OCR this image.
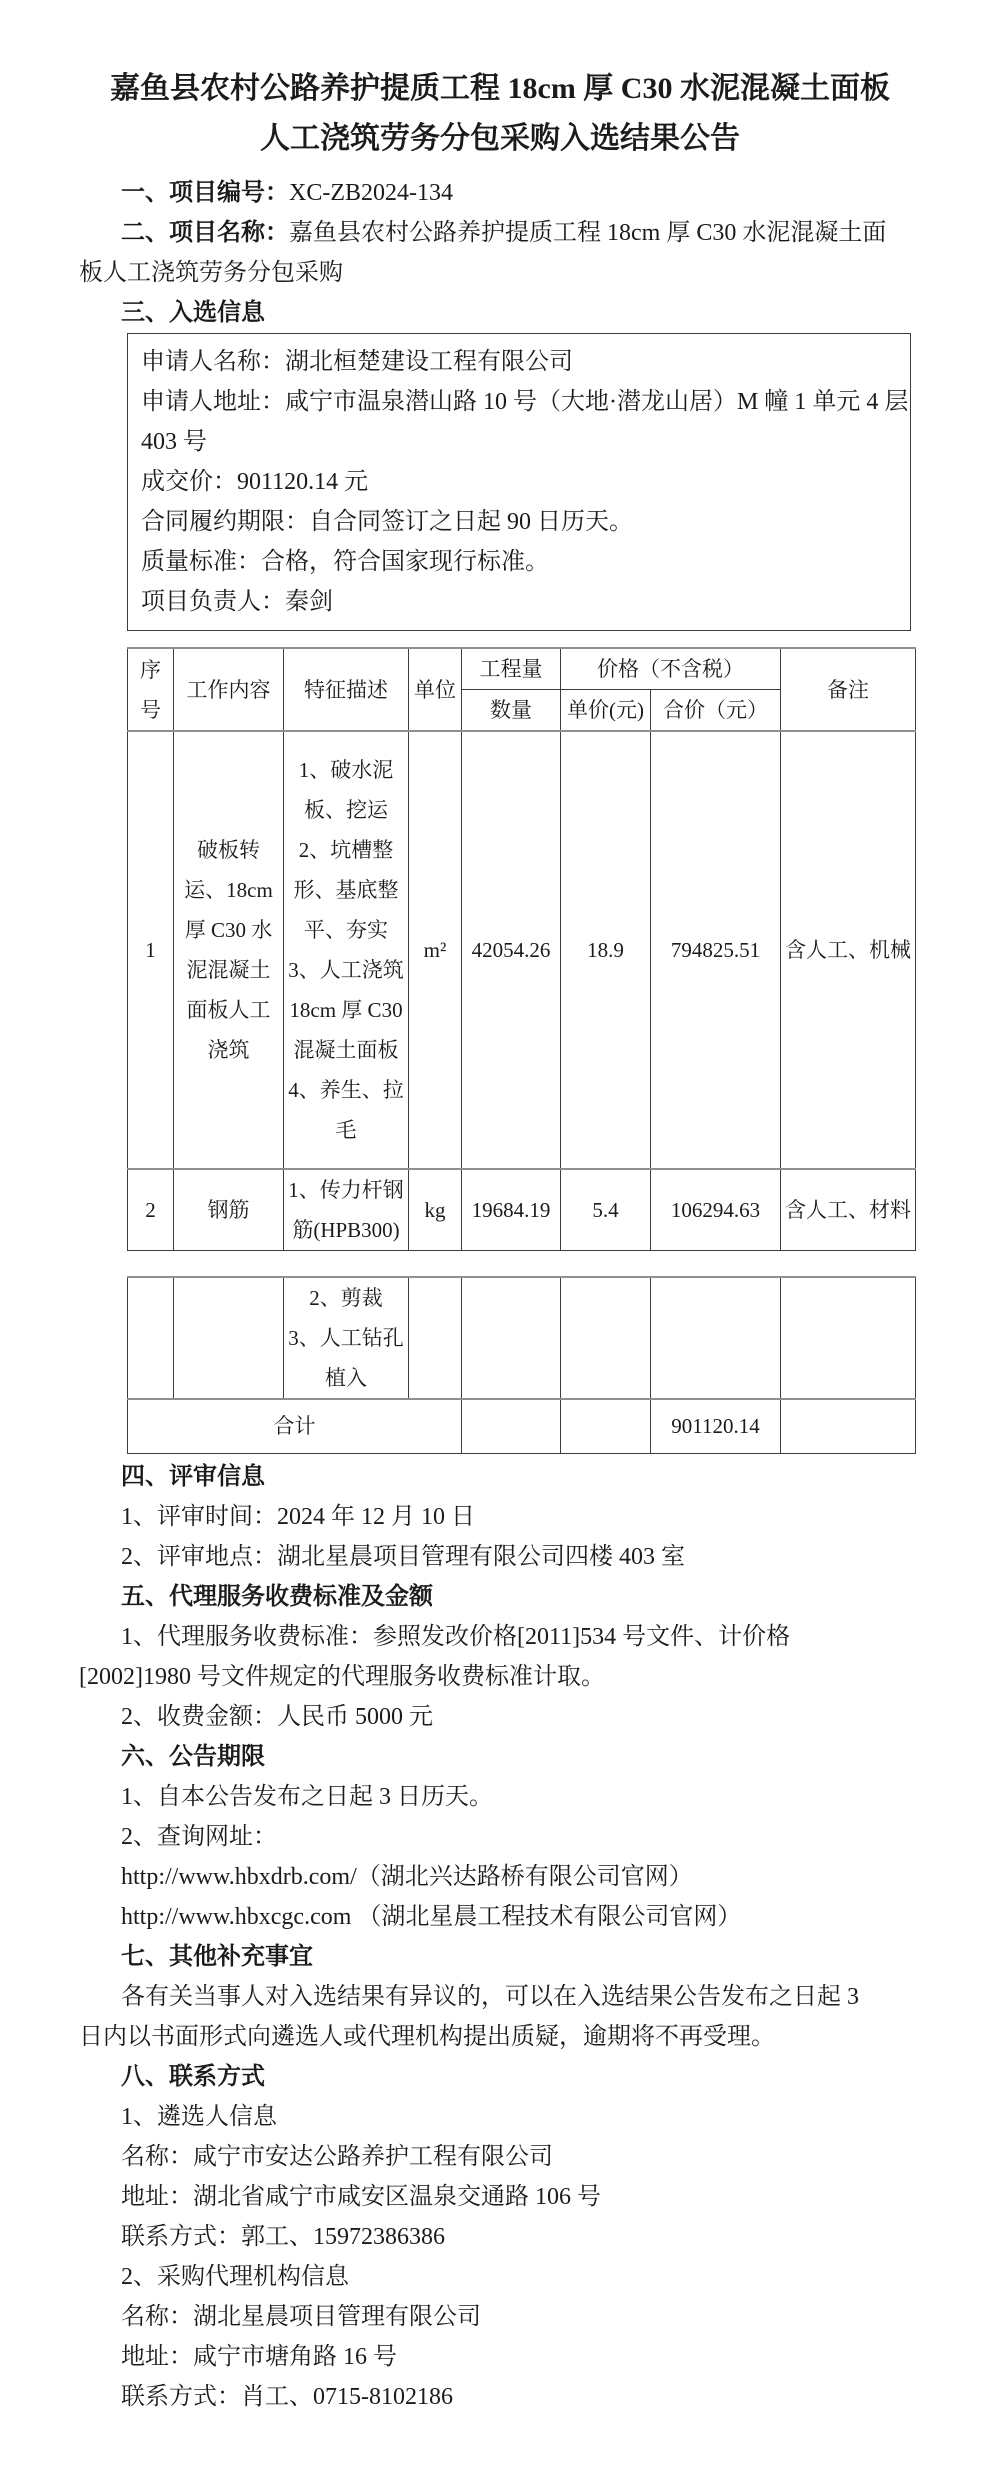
嘉鱼县农村公路养护提质工程 18cm 厚 C30 水泥混凝土面板
人工浇筑劳务分包采购入选结果公告

一、项目编号：XC-ZB2024-134

二、项目名称：嘉鱼县农村公路养护提质工程 18cm 厚 C30 水泥混凝土面

板人工浇筑劳务分包采购

三、入选信息

申请人名称：湖北桓楚建设工程有限公司

申请人地址：咸宁市温泉潜山路 10 号（大地·潜龙山居）M 幢 1 单元 4 层

403 号

成交价：901120.14 元

合同履约期限：自合同签订之日起 90 日历天。

质量标准：合格，符合国家现行标准。

项目负责人：秦剑

序号	工作内容	特征描述	单位	工程量	价格（不含税）		备注
				数量	单价(元)	合价（元）	
1	破板转运、18cm 厚 C30 水泥混凝土面板人工浇筑	1、破水泥板、挖运
2、坑槽整形、基底整平、夯实
3、人工浇筑 18cm 厚 C30 混凝土面板
4、养生、拉毛	m²	42054.26	18.9	794825.51	含人工、机械
2	钢筋	1、传力杆钢筋(HPB300)	kg	19684.19	5.4	106294.63	含人工、材料

		2、剪裁
3、人工钻孔植入					

合计						901120.14	

四、评审信息

1、评审时间：2024 年 12 月 10 日

2、评审地点：湖北星晨项目管理有限公司四楼 403 室

五、代理服务收费标准及金额

1、代理服务收费标准：参照发改价格[2011]534 号文件、计价格

[2002]1980 号文件规定的代理服务收费标准计取。

2、收费金额：人民币 5000 元

六、公告期限

1、自本公告发布之日起 3 日历天。

2、查询网址：

http://www.hbxdrb.com/（湖北兴达路桥有限公司官网）

http://www.hbxcgc.com （湖北星晨工程技术有限公司官网）

七、其他补充事宜

各有关当事人对入选结果有异议的，可以在入选结果公告发布之日起 3

日内以书面形式向遴选人或代理机构提出质疑，逾期将不再受理。

八、联系方式

1、遴选人信息

名称：咸宁市安达公路养护工程有限公司

地址：湖北省咸宁市咸安区温泉交通路 106 号

联系方式：郭工、15972386386

2、采购代理机构信息

名称：湖北星晨项目管理有限公司

地址：咸宁市塘角路 16 号

联系方式：肖工、0715-8102186
